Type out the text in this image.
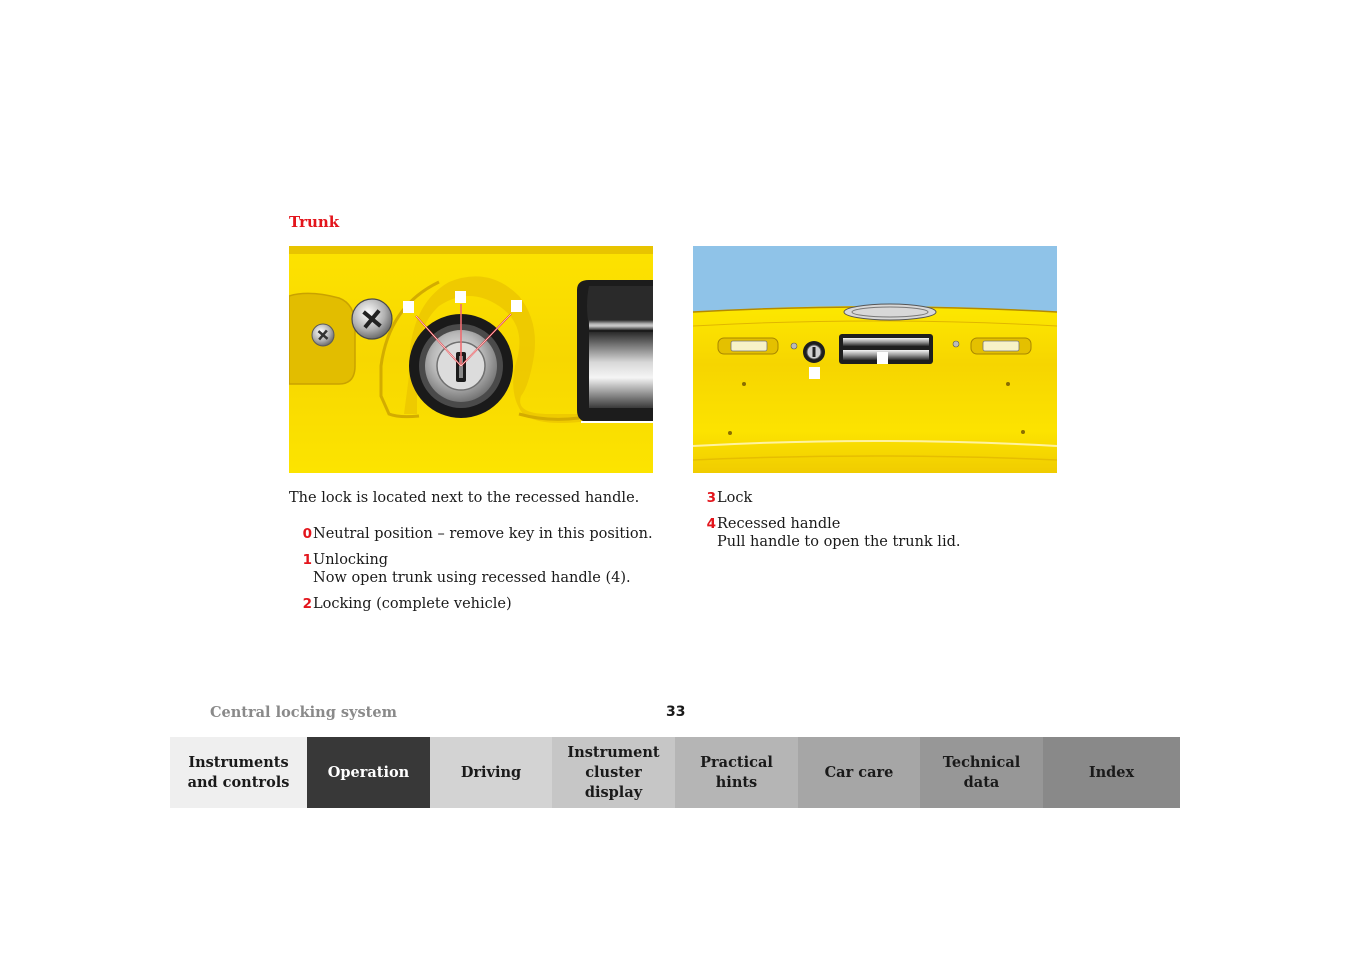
Trunk

The lock is located next to the recessed handle.

0 Neutral position – remove key in this position.
1 Unlocking
Now open trunk using recessed handle (4).
2 Locking (complete vehicle)
3 Lock
4 Recessed handle
Pull handle to open the trunk lid.
Central locking system	33
Instruments
and controls
Operation	Driving
Instrument
cluster display
Practical hints
Car care
Technical
data
Index
